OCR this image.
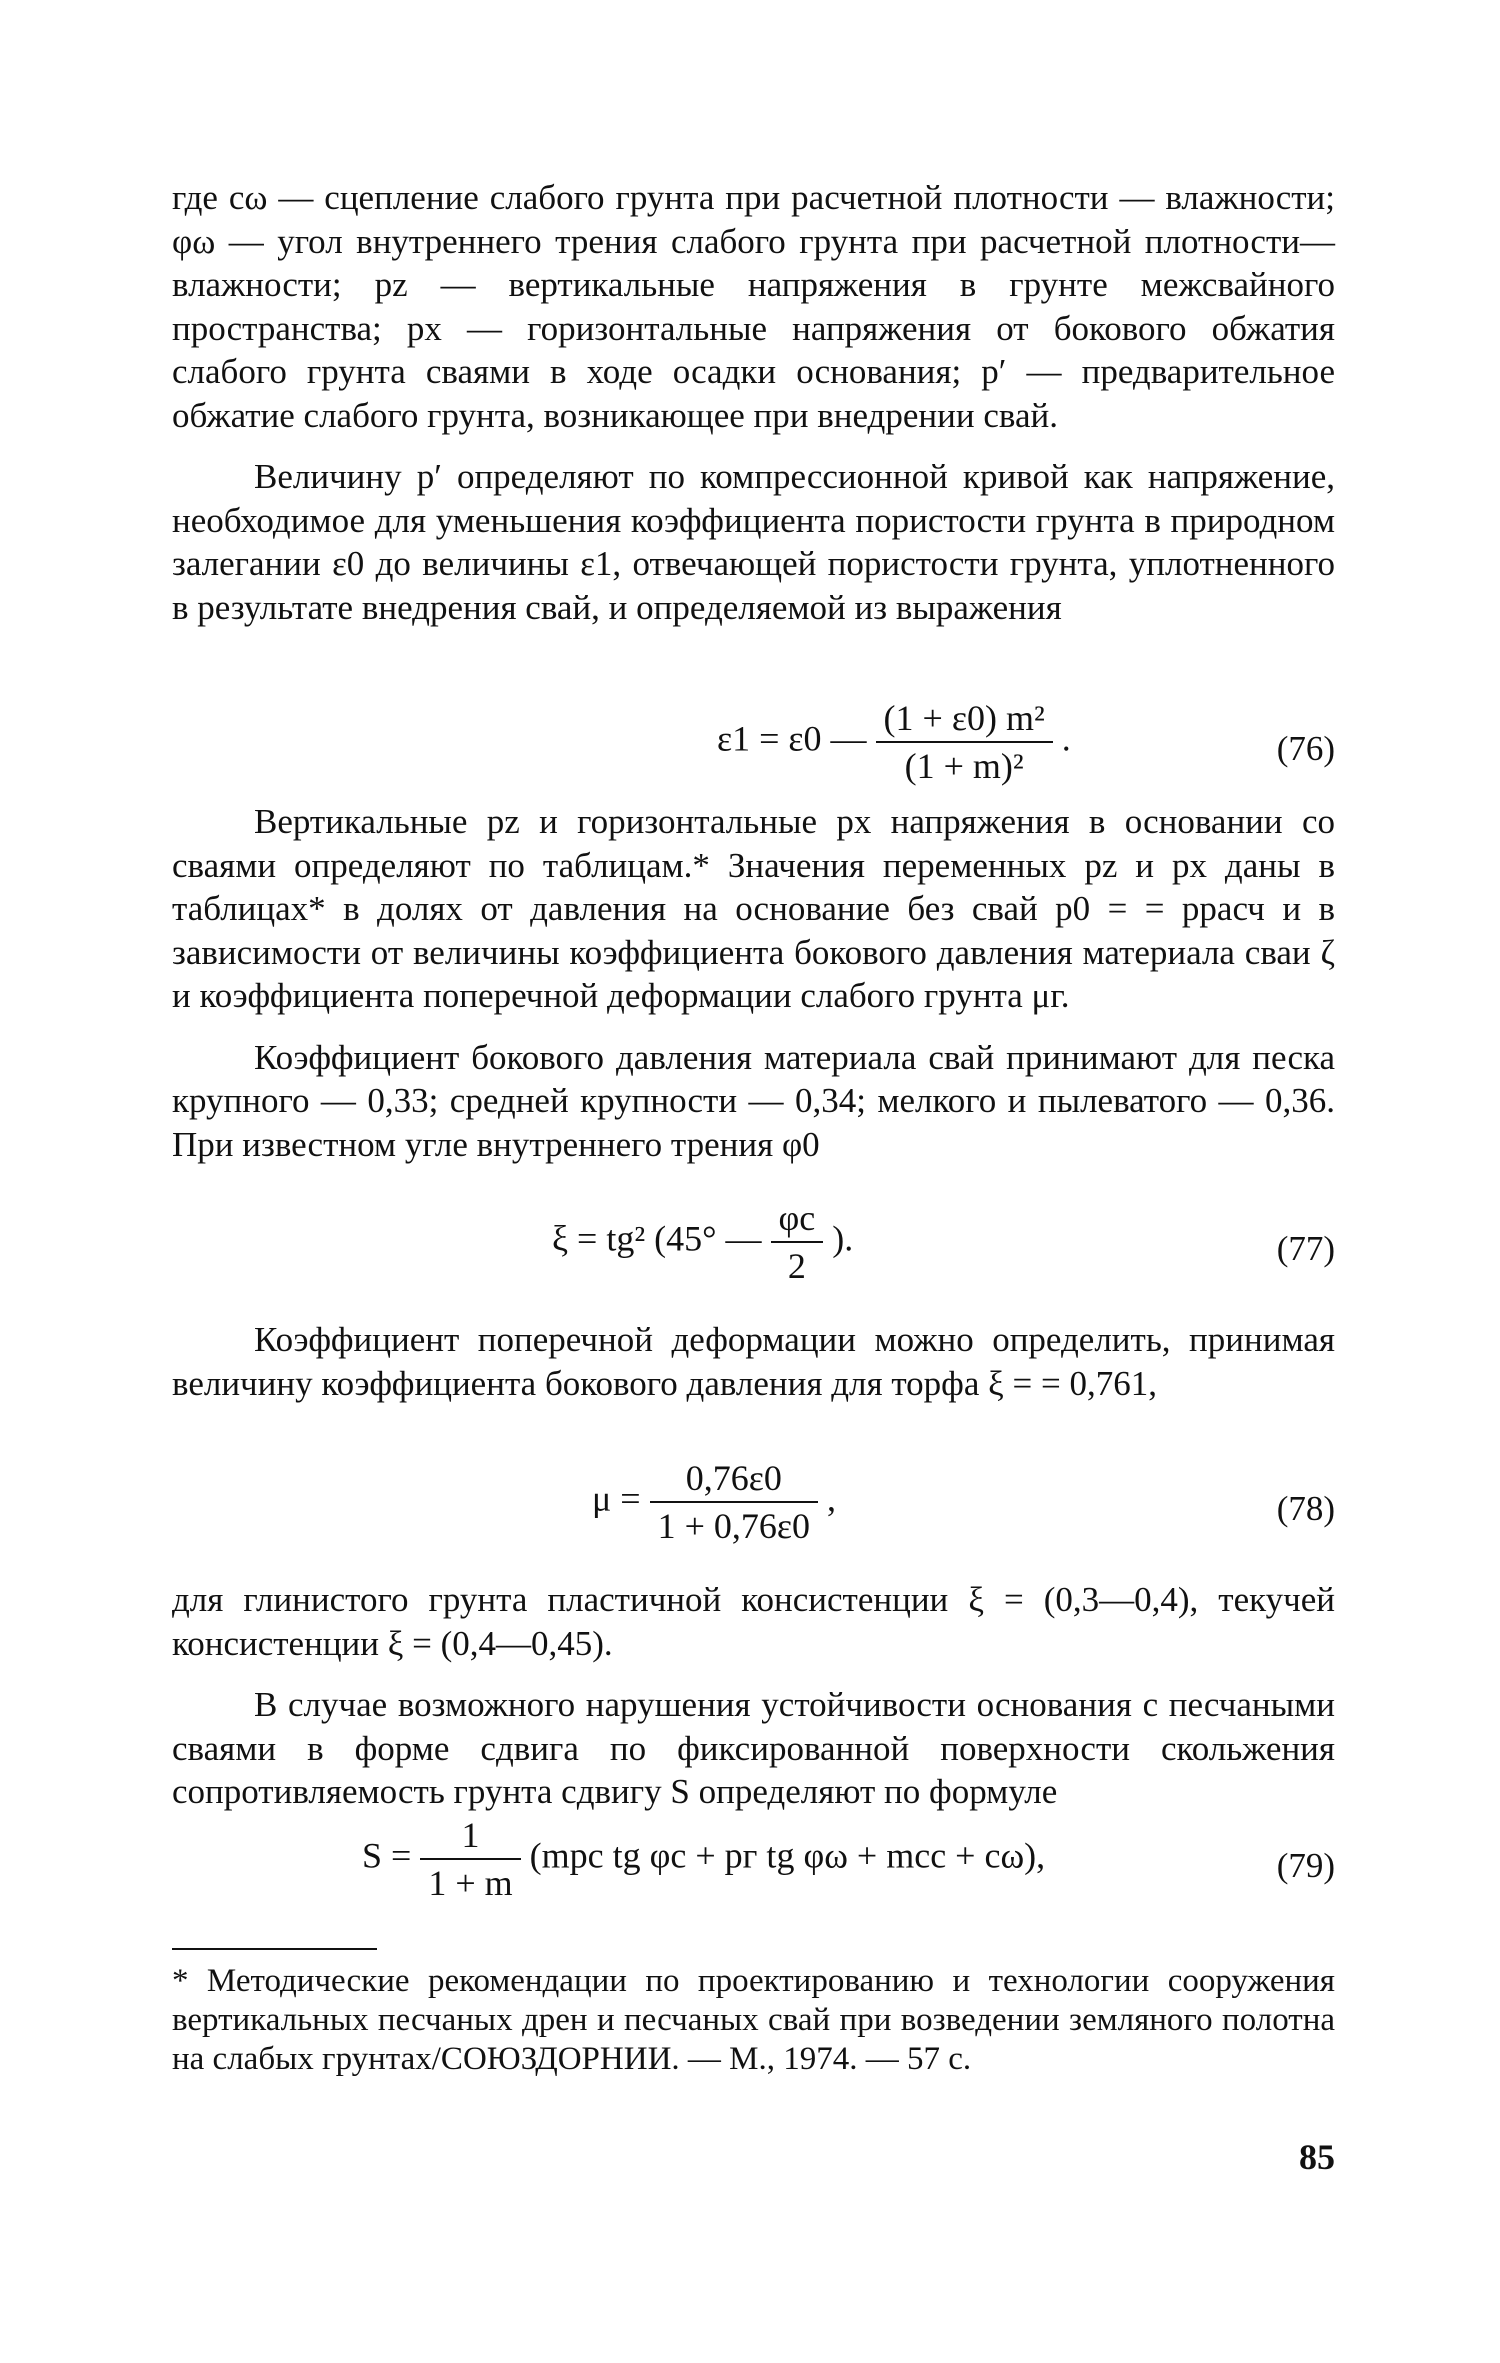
где cω — сцепление слабого грунта при расчетной плотности — влажности; φω — угол внутреннего трения слабого грунта при расчетной плотности—влажности; pz — вертикальные напряжения в грунте межсвайного пространства; px — горизонтальные напряжения от бокового обжатия слабого грунта сваями в ходе осадки основания; p′ — предварительное обжатие слабого грунта, возникающее при внедрении свай.

Величину p′ определяют по компрессионной кривой как напряжение, необходимое для уменьшения коэффициента пористости грунта в природном залегании ε0 до величины ε1, отвечающей пористости грунта, уплотненного в результате внедрения свай, и определяемой из выражения

ε1 = ε0 — $\frac{\text{(1 + ε0) m²}}{\text{(1 + m)²}}$ .	(76)

Вертикальные pz и горизонтальные px напряжения в основании со сваями определяют по таблицам.* Значения переменных pz и px даны в таблицах* в долях от давления на основание без свай p0 = = pрасч и в зависимости от величины коэффициента бокового давления материала сваи ζ и коэффициента поперечной деформации слабого грунта μг.

Коэффициент бокового давления материала свай принимают для песка крупного — 0,33; средней крупности — 0,34; мелкого и пылеватого — 0,36. При известном угле внутреннего трения φ0

ξ = tg² (45° — $\frac{\varphi c}{2}$ ).	(77)

Коэффициент поперечной деформации можно определить, принимая величину коэффициента бокового давления для торфа ξ = = 0,761,

$\mu = \frac{0,76\varepsilon 0}{1 + 0,76\varepsilon 0}$ ,	(78)

для глинистого грунта пластичной консистенции ξ = (0,3—0,4), текучей консистенции ξ = (0,4—0,45).

В случае возможного нарушения устойчивости основания с песчаными сваями в форме сдвига по фиксированной поверхности скольжения сопротивляемость грунта сдвигу S определяют по формуле

$S = \frac{1}{1 + m} (mpc$ tg φc + pг tg φω + mcc + cω),	(79)
* Методические рекомендации по проектированию и технологии сооружения вертикальных песчаных дрен и песчаных свай при возведении земляного полотна на слабых грунтах/СОЮЗДОРНИИ. — М., 1974. — 57 с.
85
